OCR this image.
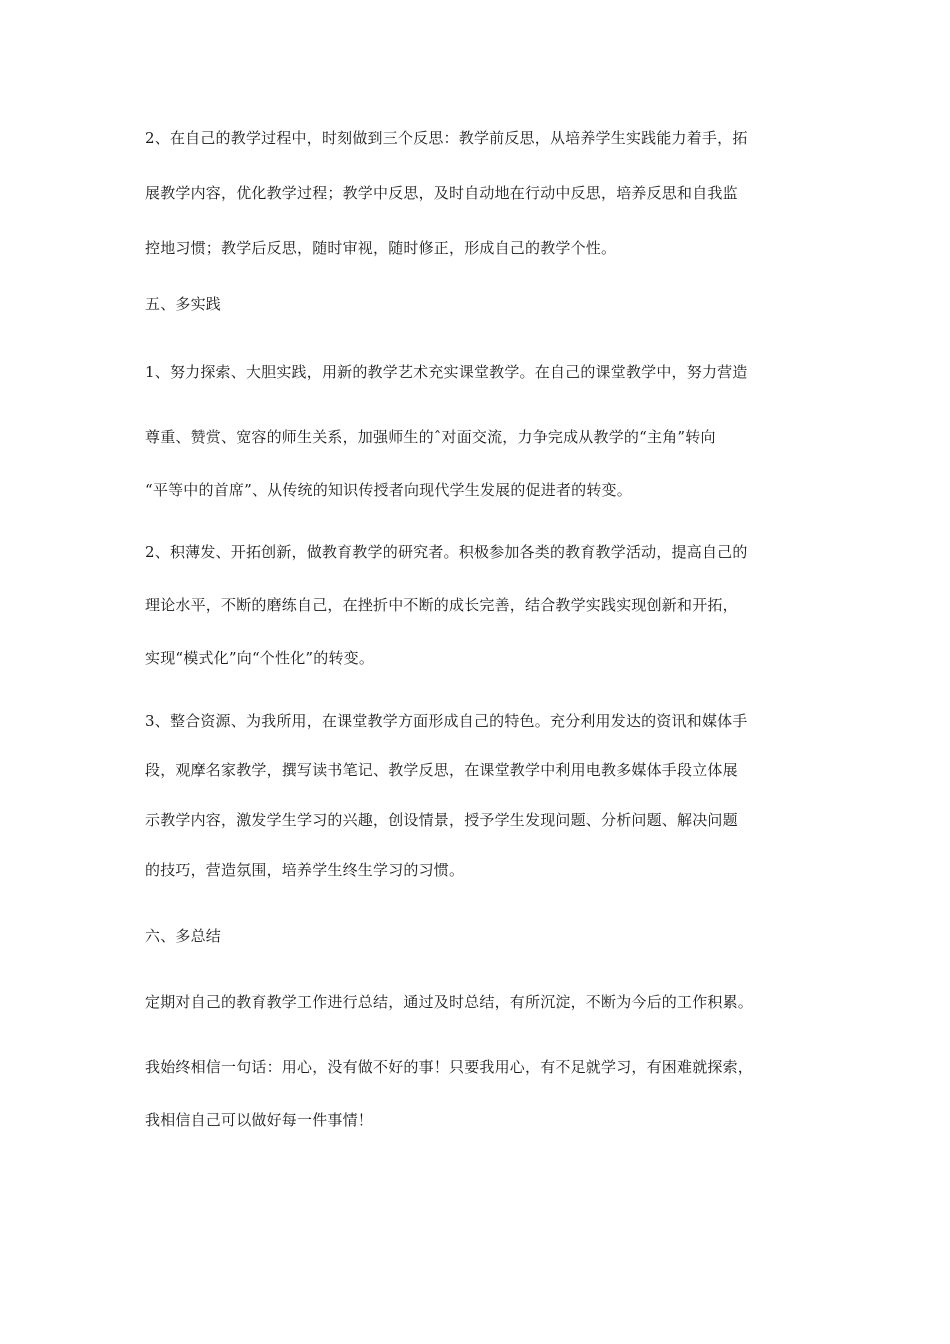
2、在自己的教学过程中，时刻做到三个反思：教学前反思，从培养学生实践能力着手，拓
展教学内容，优化教学过程；教学中反思，及时自动地在行动中反思，培养反思和自我监
控地习惯；教学后反思，随时审视，随时修正，形成自己的教学个性。
五、多实践
1、努力探索、大胆实践，用新的教学艺术充实课堂教学。在自己的课堂教学中，努力营造
尊重、赞赏、宽容的师生关系，加强师生的ˆ对面交流，力争完成从教学的“主角”转向
“平等中的首席”、从传统的知识传授者向现代学生发展的促进者的转变。
2、积薄发、开拓创新，做教育教学的研究者。积极参加各类的教育教学活动，提高自己的
理论水平，不断的磨练自己，在挫折中不断的成长完善，结合教学实践实现创新和开拓，
实现“模式化”向“个性化”的转变。
3、整合资源、为我所用，在课堂教学方面形成自己的特色。充分利用发达的资讯和媒体手
段，观摩名家教学，撰写读书笔记、教学反思，在课堂教学中利用电教多媒体手段立体展
示教学内容，激发学生学习的兴趣，创设情景，授予学生发现问题、分析问题、解决问题
的技巧，营造氛围，培养学生终生学习的习惯。
六、多总结
定期对自己的教育教学工作进行总结，通过及时总结，有所沉淀，不断为今后的工作积累。
我始终相信一句话：用心，没有做不好的事！只要我用心，有不足就学习，有困难就探索，
我相信自己可以做好每一件事情！
